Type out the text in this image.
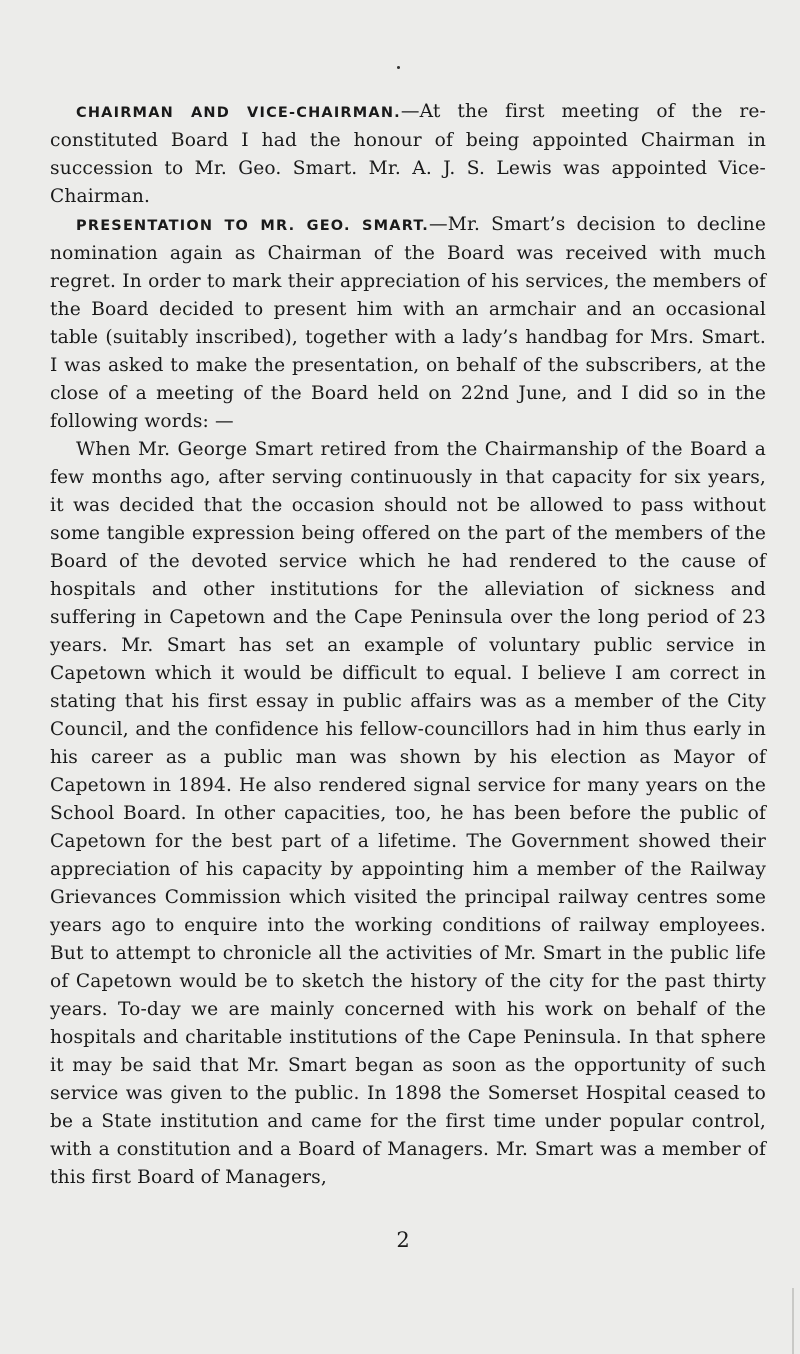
CHAIRMAN AND VICE-CHAIRMAN.—At the first meeting of the re-constituted Board I had the honour of being appointed Chairman in succession to Mr. Geo. Smart. Mr. A. J. S. Lewis was appointed Vice-Chairman.

PRESENTATION TO MR. GEO. SMART.—Mr. Smart’s decision to decline nomination again as Chairman of the Board was received with much regret. In order to mark their appreciation of his services, the members of the Board decided to present him with an armchair and an occasional table (suitably inscribed), together with a lady’s handbag for Mrs. Smart. I was asked to make the presentation, on behalf of the subscribers, at the close of a meeting of the Board held on 22nd June, and I did so in the following words: —

When Mr. George Smart retired from the Chairmanship of the Board a few months ago, after serving continuously in that capacity for six years, it was decided that the occasion should not be allowed to pass without some tangible expression being offered on the part of the members of the Board of the devoted service which he had rendered to the cause of hospitals and other institutions for the alleviation of sickness and suffering in Capetown and the Cape Peninsula over the long period of 23 years. Mr. Smart has set an example of voluntary public service in Capetown which it would be difficult to equal. I believe I am correct in stating that his first essay in public affairs was as a member of the City Council, and the confidence his fellow-councillors had in him thus early in his career as a public man was shown by his election as Mayor of Capetown in 1894. He also rendered signal service for many years on the School Board. In other capacities, too, he has been before the public of Capetown for the best part of a lifetime. The Government showed their appreciation of his capacity by appointing him a member of the Railway Grievances Commission which visited the principal railway centres some years ago to enquire into the working conditions of railway employees. But to attempt to chronicle all the activities of Mr. Smart in the public life of Capetown would be to sketch the history of the city for the past thirty years. To-day we are mainly concerned with his work on behalf of the hospitals and charitable institutions of the Cape Peninsula. In that sphere it may be said that Mr. Smart began as soon as the opportunity of such service was given to the public. In 1898 the Somerset Hospital ceased to be a State institution and came for the first time under popular control, with a constitution and a Board of Managers. Mr. Smart was a member of this first Board of Managers,

2
